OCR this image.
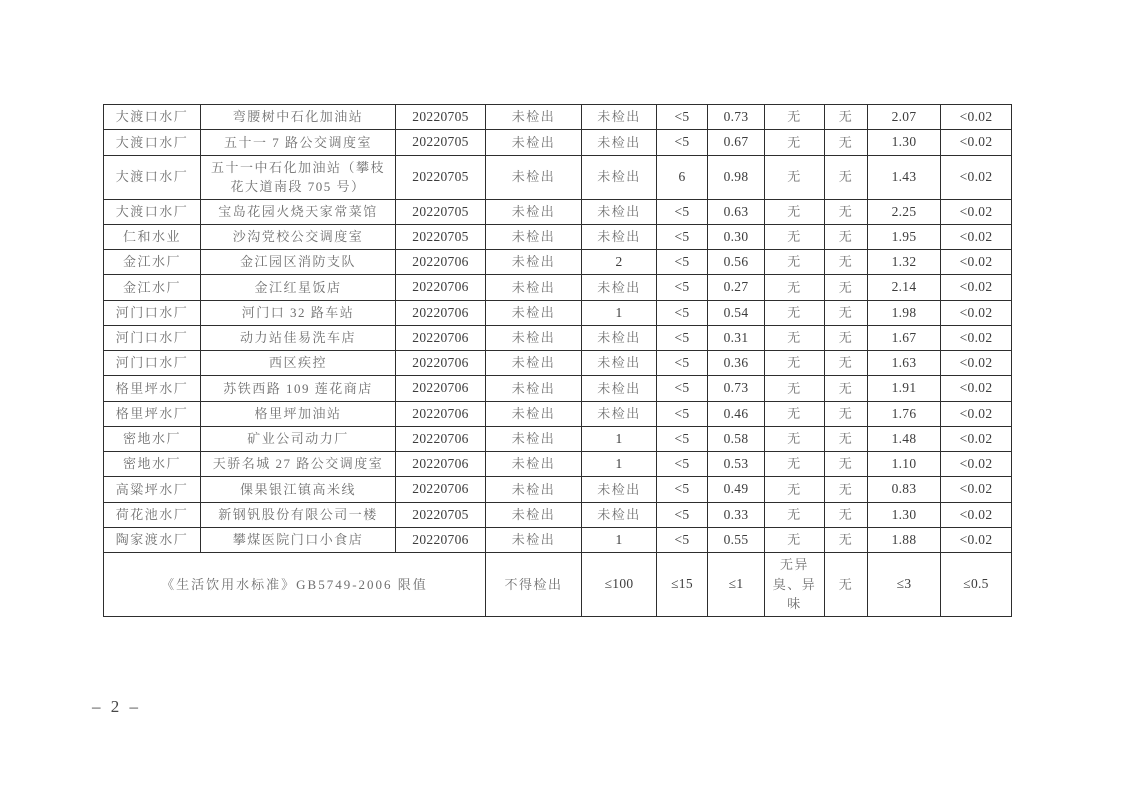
大渡口水厂	弯腰树中石化加油站	20220705	未检出	未检出	<5	0.73	无	无	2.07	<0.02
大渡口水厂	五十一 7 路公交调度室	20220705	未检出	未检出	<5	0.67	无	无	1.30	<0.02
大渡口水厂	五十一中石化加油站（攀枝花大道南段 705 号）	20220705	未检出	未检出	6	0.98	无	无	1.43	<0.02
大渡口水厂	宝岛花园火烧天家常菜馆	20220705	未检出	未检出	<5	0.63	无	无	2.25	<0.02
仁和水业	沙沟党校公交调度室	20220705	未检出	未检出	<5	0.30	无	无	1.95	<0.02
金江水厂	金江园区消防支队	20220706	未检出	2	<5	0.56	无	无	1.32	<0.02
金江水厂	金江红星饭店	20220706	未检出	未检出	<5	0.27	无	无	2.14	<0.02
河门口水厂	河门口 32 路车站	20220706	未检出	1	<5	0.54	无	无	1.98	<0.02
河门口水厂	动力站佳易洗车店	20220706	未检出	未检出	<5	0.31	无	无	1.67	<0.02
河门口水厂	西区疾控	20220706	未检出	未检出	<5	0.36	无	无	1.63	<0.02
格里坪水厂	苏铁西路 109 莲花商店	20220706	未检出	未检出	<5	0.73	无	无	1.91	<0.02
格里坪水厂	格里坪加油站	20220706	未检出	未检出	<5	0.46	无	无	1.76	<0.02
密地水厂	矿业公司动力厂	20220706	未检出	1	<5	0.58	无	无	1.48	<0.02
密地水厂	天骄名城 27 路公交调度室	20220706	未检出	1	<5	0.53	无	无	1.10	<0.02
高粱坪水厂	倮果银江镇高米线	20220706	未检出	未检出	<5	0.49	无	无	0.83	<0.02
荷花池水厂	新钢钒股份有限公司一楼	20220705	未检出	未检出	<5	0.33	无	无	1.30	<0.02
陶家渡水厂	攀煤医院门口小食店	20220706	未检出	1	<5	0.55	无	无	1.88	<0.02
《生活饮用水标准》GB5749-2006 限值			不得检出	≤100	≤15	≤1	无异臭、异味	无	≤3	≤0.5
– 2 –
